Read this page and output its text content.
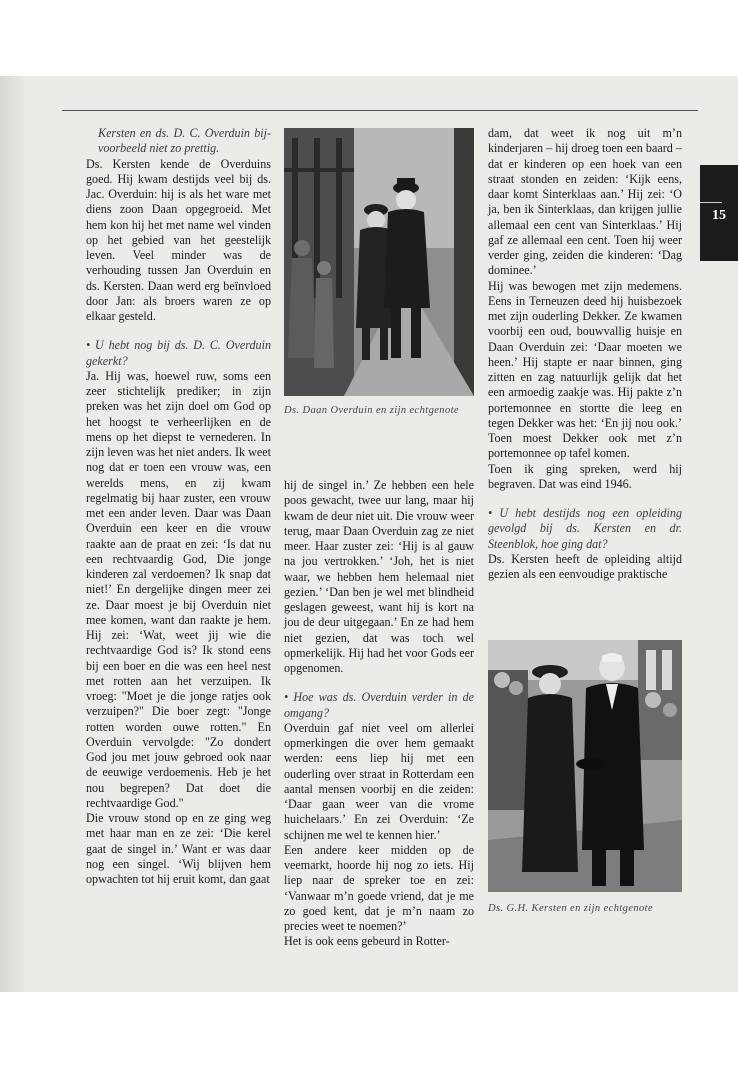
15

Kersten en ds. D. C. Overduin bij-voorbeeld niet zo prettig.

Ds. Kersten kende de Overduins goed. Hij kwam destijds veel bij ds. Jac. Overduin: hij is als het ware met diens zoon Daan opgegroeid. Met hem kon hij het met name wel vinden op het gebied van het geestelijk leven. Veel minder was de verhouding tussen Jan Overduin en ds. Kersten. Daan werd erg beïnvloed door Jan: als broers waren ze op elkaar gesteld.

• U hebt nog bij ds. D. C. Overduin gekerkt?

Ja. Hij was, hoewel ruw, soms een zeer stichtelijk prediker; in zijn preken was het zijn doel om God op het hoogst te verheerlijken en de mens op het diepst te vernederen. In zijn leven was het niet anders. Ik weet nog dat er toen een vrouw was, een werelds mens, en zij kwam regelmatig bij haar zuster, een vrouw met een ander leven. Daar was Daan Overduin een keer en die vrouw raakte aan de praat en zei: ‘Is dat nu een rechtvaardig God, Die jonge kinderen zal verdoemen? Ik snap dat niet!’ En dergelijke dingen meer zei ze. Daar moest je bij Overduin niet mee komen, want dan raakte je hem. Hij zei: ‘Wat, weet jij wie die rechtvaardige God is? Ik stond eens bij een boer en die was een heel nest met rotten aan het verzuipen. Ik vroeg: "Moet je die jonge ratjes ook verzuipen?" Die boer zegt: "Jonge rotten worden ouwe rotten." En Overduin vervolgde: "Zo dondert God jou met jouw gebroed ook naar de eeuwige verdoemenis. Heb je het nou begrepen? Dat doet die rechtvaardige God."

Die vrouw stond op en ze ging weg met haar man en ze zei: ‘Die kerel gaat de singel in.’ Want er was daar nog een singel. ‘Wij blijven hem opwachten tot hij eruit komt, dan gaat

Ds. Daan Overduin en zijn echtgenote

hij de singel in.’ Ze hebben een hele poos gewacht, twee uur lang, maar hij kwam de deur niet uit. Die vrouw weer terug, maar Daan Overduin zag ze niet meer. Haar zuster zei: ‘Hij is al gauw na jou vertrokken.’ ‘Joh, het is niet waar, we hebben hem helemaal niet gezien.’ ‘Dan ben je wel met blindheid geslagen geweest, want hij is kort na jou de deur uitgegaan.’ En ze had hem niet gezien, dat was toch wel opmerkelijk. Hij had het voor Gods eer opgenomen.

• Hoe was ds. Overduin verder in de omgang?

Overduin gaf niet veel om allerlei opmerkingen die over hem gemaakt werden: eens liep hij met een ouderling over straat in Rotterdam een aantal mensen voorbij en die zeiden: ‘Daar gaan weer van die vrome huichelaars.’ En zei Overduin: ‘Ze schijnen me wel te kennen hier.’

Een andere keer midden op de veemarkt, hoorde hij nog zo iets. Hij liep naar de spreker toe en zei: ‘Vanwaar m’n goede vriend, dat je me zo goed kent, dat je m’n naam zo precies weet te noemen?’

Het is ook eens gebeurd in Rotter-

dam, dat weet ik nog uit m’n kinderjaren – hij droeg toen een baard – dat er kinderen op een hoek van een straat stonden en zeiden: ‘Kijk eens, daar komt Sinterklaas aan.’ Hij zei: ‘O ja, ben ik Sinterklaas, dan krijgen jullie allemaal een cent van Sinterklaas.’ Hij gaf ze allemaal een cent. Toen hij weer verder ging, zeiden die kinderen: ‘Dag dominee.’

Hij was bewogen met zijn medemens. Eens in Terneuzen deed hij huisbezoek met zijn ouderling Dekker. Ze kwamen voorbij een oud, bouwvallig huisje en Daan Overduin zei: ‘Daar moeten we heen.’ Hij stapte er naar binnen, ging zitten en zag natuurlijk gelijk dat het een armoedig zaakje was. Hij pakte z’n portemonnee en stortte die leeg en tegen Dekker was het: ‘En jij nou ook.’ Toen moest Dekker ook met z’n portemonnee op tafel komen.

Toen ik ging spreken, werd hij begraven. Dat was eind 1946.

• U hebt destijds nog een opleiding gevolgd bij ds. Kersten en dr. Steenblok, hoe ging dat?

Ds. Kersten heeft de opleiding altijd gezien als een eenvoudige praktische

Ds. G.H. Kersten en zijn echtgenote
